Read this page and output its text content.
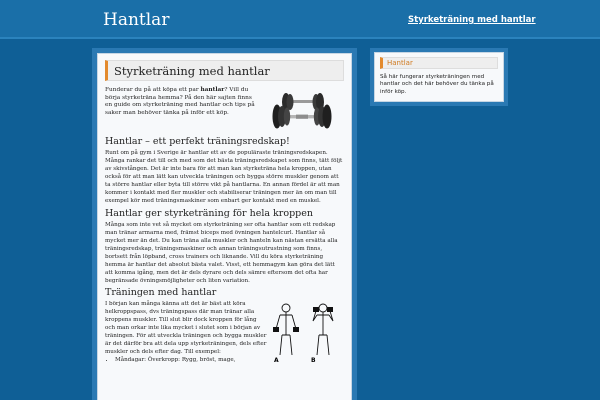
Hantlar	Styrketräning med hantlar
Styrketräning med hantlar
Funderar du på att köpa ett par hantlar? Vill du börja styrketräna hemma? På den här sajten finns en guide om styrketräning med hantlar och tips på saker man behöver tänka på inför ett köp.
Hantlar – ett perfekt träningsredskap!

Runt om på gym i Sverige är hantlar ett av de populäraste träningsredskapen. Många rankar det till och med som det bästa träningsredskapet som finns, tätt följt av skivstången. Det är inte bara för att man kan styrketräna hela kroppen, utan också för att man lätt kan utveckla träningen och bygga större muskler genom att ta större hantlar eller byta till större vikt på hantlarna. En annan fördel är att man kommer i kontakt med fler muskler och stabiliserar träningen mer än om man till exempel kör med träningsmaskiner som enbart ger kontakt med en muskel.

Hantlar ger styrketräning för hela kroppen

Många som inte vet så mycket om styrketräning ser ofta hantlar som ett redskap man tränar armarna med, främst biceps med övningen hantelcurl. Hantlar så mycket mer än det. Du kan träna alla muskler och hanteln kan nästan ersätta alla träningsredskap, träningsmaskiner och annan träningsutrustning som finns, bortsett från löpband, cross trainers och liknande. Vill du köra styrketräning hemma är hantlar det absolut bästa valet. Visst, ett hemmagym kan göra det lätt att komma igång, men det är dels dyrare och dels sämre eftersom det ofta har begränsade övningsmöjligheter och liten variation.

Träningen med hantlar
I början kan många känna att det är bäst att köra helkroppspass, dvs träningspass där man tränar alla kroppens muskler. Till slut blir dock kroppen för lång och man orkar inte lika mycket i slutet som i början av träningen. För att utveckla träningen och bygga muskler är det därför bra att dela upp styrketräningen, dels efter muskler och dels efter dag. Till exempel:
• Måndagar: Överkropp: Rygg, bröst, mage,	A	B
Hantlar
Så här fungerar styrketräningen med hantlar och det här behöver du tänka på inför köp.
